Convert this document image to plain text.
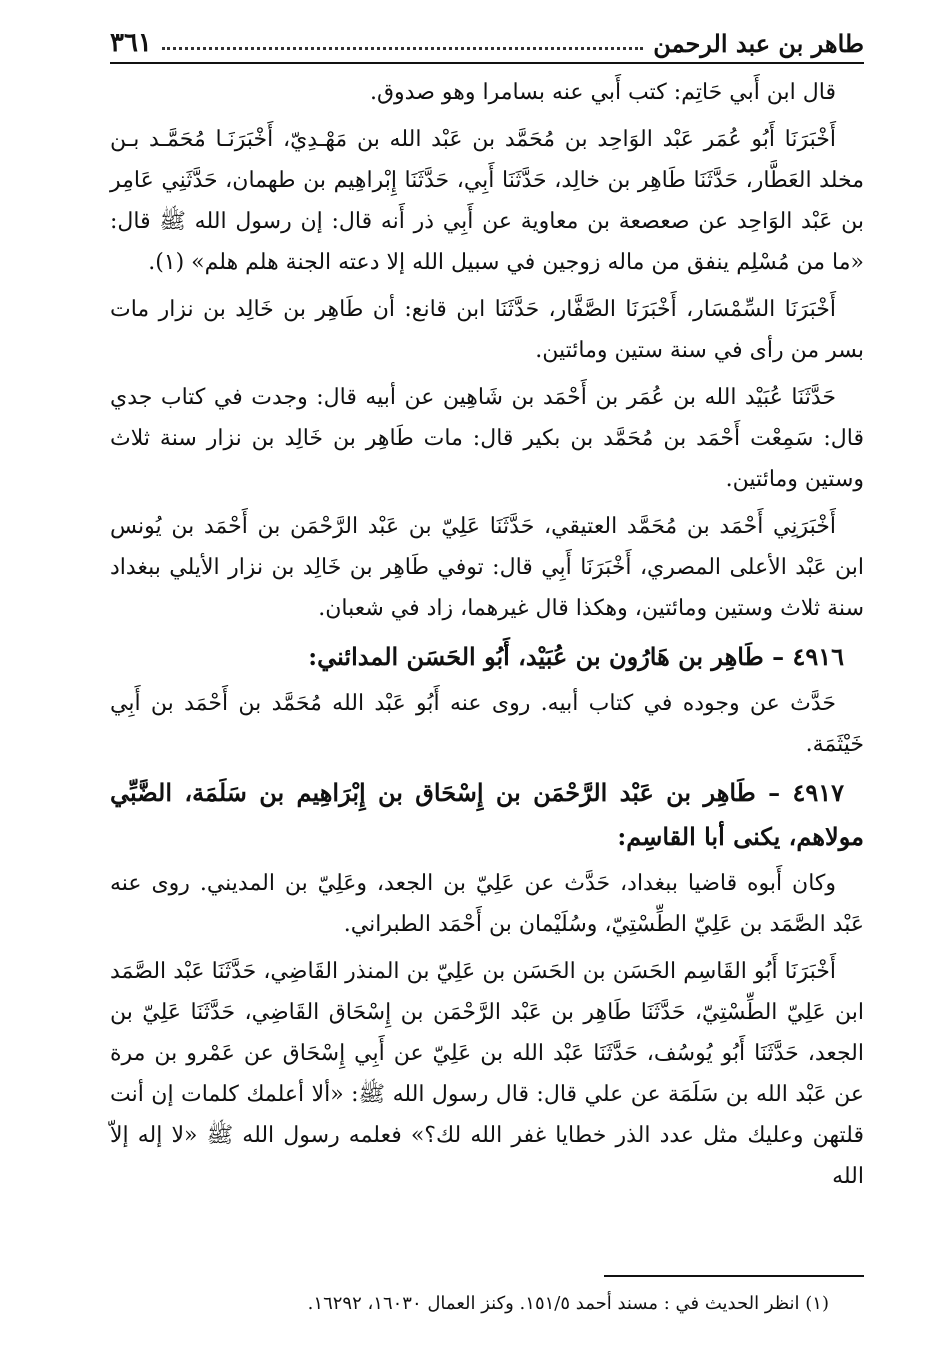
طاهر بن عبد الرحمن
٣٦١

قال ابن أَبي حَاتِم: كتب أَبي عنه بسامرا وهو صدوق.

أَخْبَرَنَا أَبُو عُمَر عَبْد الوَاحِد بن مُحَمَّد بن عَبْد الله بن مَهْـدِيّ، أَخْبَرَنَـا مُحَمَّـد بـن مخلد العَطَّار، حَدَّثَنَا طَاهِر بن خالِد، حَدَّثَنَا أَبِي، حَدَّثَنَا إِبْراهِيم بن طهمان، حَدَّثَنِي عَامِر بن عَبْد الوَاحِد عن صعصعة بن معاوية عن أَبِي ذر أَنه قال: إن رسول الله ﷺ قال: «ما من مُسْلِم ينفق من ماله زوجين في سبيل الله إلا دعته الجنة هلم هلم» (١).

أَخْبَرَنَا السِّمْسَار، أَخْبَرَنَا الصَّفَّار، حَدَّثَنَا ابن قانع: أن طَاهِر بن خَالِد بن نزار مات بسر من رأى في سنة ستين ومائتين.

حَدَّثَنَا عُبَيْد الله بن عُمَر بن أَحْمَد بن شَاهِين عن أبيه قال: وجدت في كتاب جدي قال: سَمِعْت أَحْمَد بن مُحَمَّد بن بكير قال: مات طَاهِر بن خَالِد بن نزار سنة ثلاث وستين ومائتين.

أَخْبَرَنِي أَحْمَد بن مُحَمَّد العتيقي، حَدَّثَنَا عَلِيّ بن عَبْد الرَّحْمَن بن أَحْمَد بن يُونس ابن عَبْد الأعلى المصري، أَخْبَرَنَا أَبِي قال: توفي طَاهِر بن خَالِد بن نزار الأيلي ببغداد سنة ثلاث وستين ومائتين، وهكذا قال غيرهما، زاد في شعبان.

٤٩١٦ – طَاهِر بن هَارُون بن عُبَيْد، أَبُو الحَسَن المدائني:

حَدَّث عن وجوده في كتاب أبيه. روى عنه أَبُو عَبْد الله مُحَمَّد بن أَحْمَد بن أَبِي خَيْثَمَة.

٤٩١٧ – طَاهِر بن عَبْد الرَّحْمَن بن إِسْحَاق بن إِبْرَاهِيم بن سَلَمَة، الضَّبِّي مولاهم، يكنى أبا القاسِم:

وكان أَبوه قاضيا ببغداد، حَدَّث عن عَلِيّ بن الجعد، وعَلِيّ بن المديني. روى عنه عَبْد الصَّمَد بن عَلِيّ الطِّسْتِيّ، وسُلَيْمان بن أَحْمَد الطبراني.

أَخْبَرَنَا أَبُو القَاسِم الحَسَن بن الحَسَن بن عَلِيّ بن المنذر القَاضِي، حَدَّثَنَا عَبْد الصَّمَد ابن عَلِيّ الطِّسْتِيّ، حَدَّثَنَا طَاهِر بن عَبْد الرَّحْمَن بن إِسْحَاق القَاضِي، حَدَّثَنَا عَلِيّ بن الجعد، حَدَّثَنَا أَبُو يُوسُف، حَدَّثَنَا عَبْد الله بن عَلِيّ عن أَبِي إِسْحَاق عن عَمْرو بن مرة عن عَبْد الله بن سَلَمَة عن علي قال: قال رسول الله ﷺ: «ألا أعلمك كلمات إن أنت قلتهن وعليك مثل عدد الذر خطايا غفر الله لك؟» فعلمه رسول الله ﷺ «لا إله إلاّ الله

(١) انظر الحديث في : مسند أحمد ١٥١/٥. وكنز العمال ١٦٠٣٠، ١٦٢٩٢.
